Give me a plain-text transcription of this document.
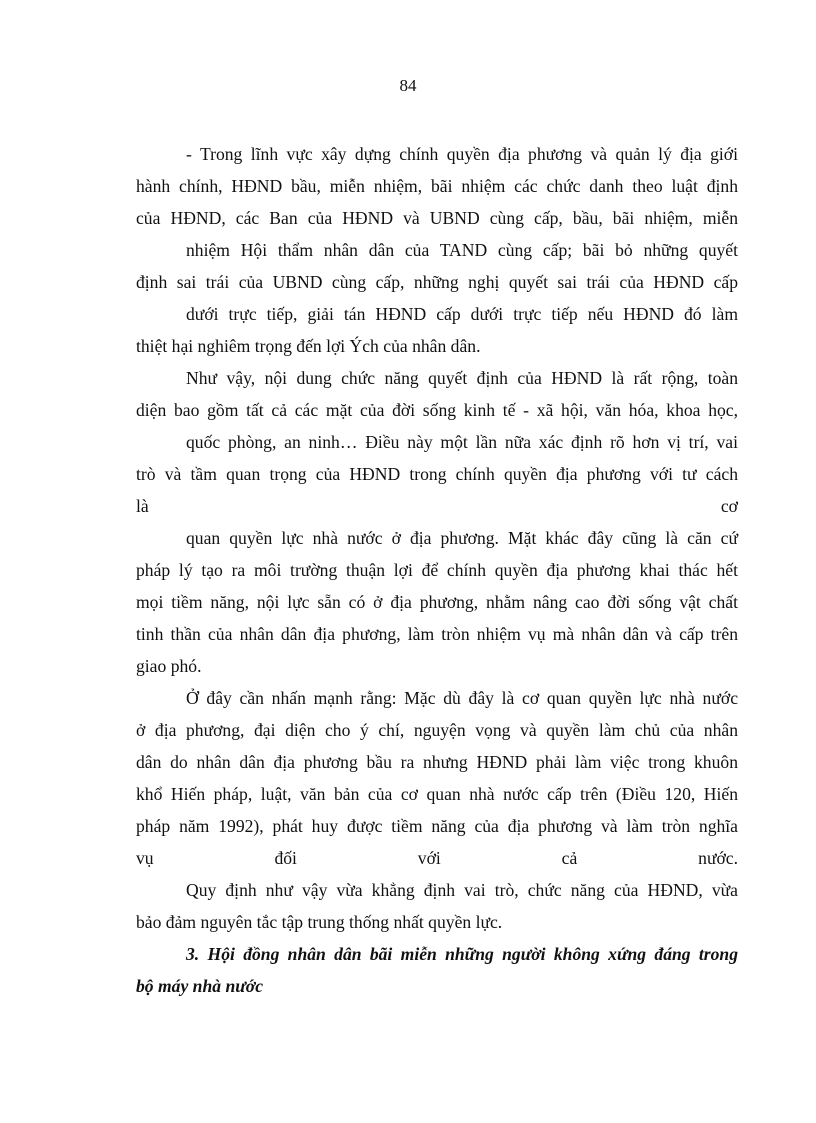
84
- Trong lĩnh vực xây dựng chính quyền địa phương và quản lý địa giới
hành chính, HĐND bầu, miễn nhiệm, bãi nhiệm các chức danh theo luật định
của HĐND, các Ban của HĐND và UBND cùng cấp, bầu, bãi nhiệm, miễn
nhiệm Hội thẩm nhân dân của TAND cùng cấp; bãi bỏ những quyết
định sai trái của UBND cùng cấp, những nghị quyết sai trái của HĐND cấp
dưới trực tiếp, giải tán HĐND cấp dưới trực tiếp nếu HĐND đó làm
thiệt hại nghiêm trọng đến lợi Ých của nhân dân.
Như vậy, nội dung chức năng quyết định của HĐND là rất rộng, toàn
diện bao gồm tất cả các mặt của đời sống kinh tế - xã hội, văn hóa, khoa học,
quốc phòng, an ninh… Điều này một lần nữa xác định rõ hơn vị trí, vai
trò và tầm quan trọng của HĐND trong chính quyền địa phương với tư cách
là cơ
quan quyền lực nhà nước ở địa phương. Mặt khác đây cũng là căn cứ
pháp lý tạo ra môi trường thuận lợi để chính quyền địa phương khai thác hết
mọi tiềm năng, nội lực sẵn có ở địa phương, nhằm nâng cao đời sống vật chất
tinh thần của nhân dân địa phương, làm tròn nhiệm vụ mà nhân dân và cấp trên
giao phó.
Ở đây cần nhấn mạnh rằng: Mặc dù đây là cơ quan quyền lực nhà nước
ở địa phương, đại diện cho ý chí, nguyện vọng và quyền làm chủ của nhân
dân do nhân dân địa phương bầu ra nhưng HĐND phải làm việc trong khuôn
khổ Hiến pháp, luật, văn bản của cơ quan nhà nước cấp trên (Điều 120, Hiến
pháp năm 1992), phát huy được tiềm năng của địa phương và làm tròn nghĩa
vụ đối với cả nước.
Quy định như vậy vừa khẳng định vai trò, chức năng của HĐND, vừa
bảo đảm nguyên tắc tập trung thống nhất quyền lực.
3. Hội đồng nhân dân bãi miễn những người không xứng đáng trong
bộ máy nhà nước
